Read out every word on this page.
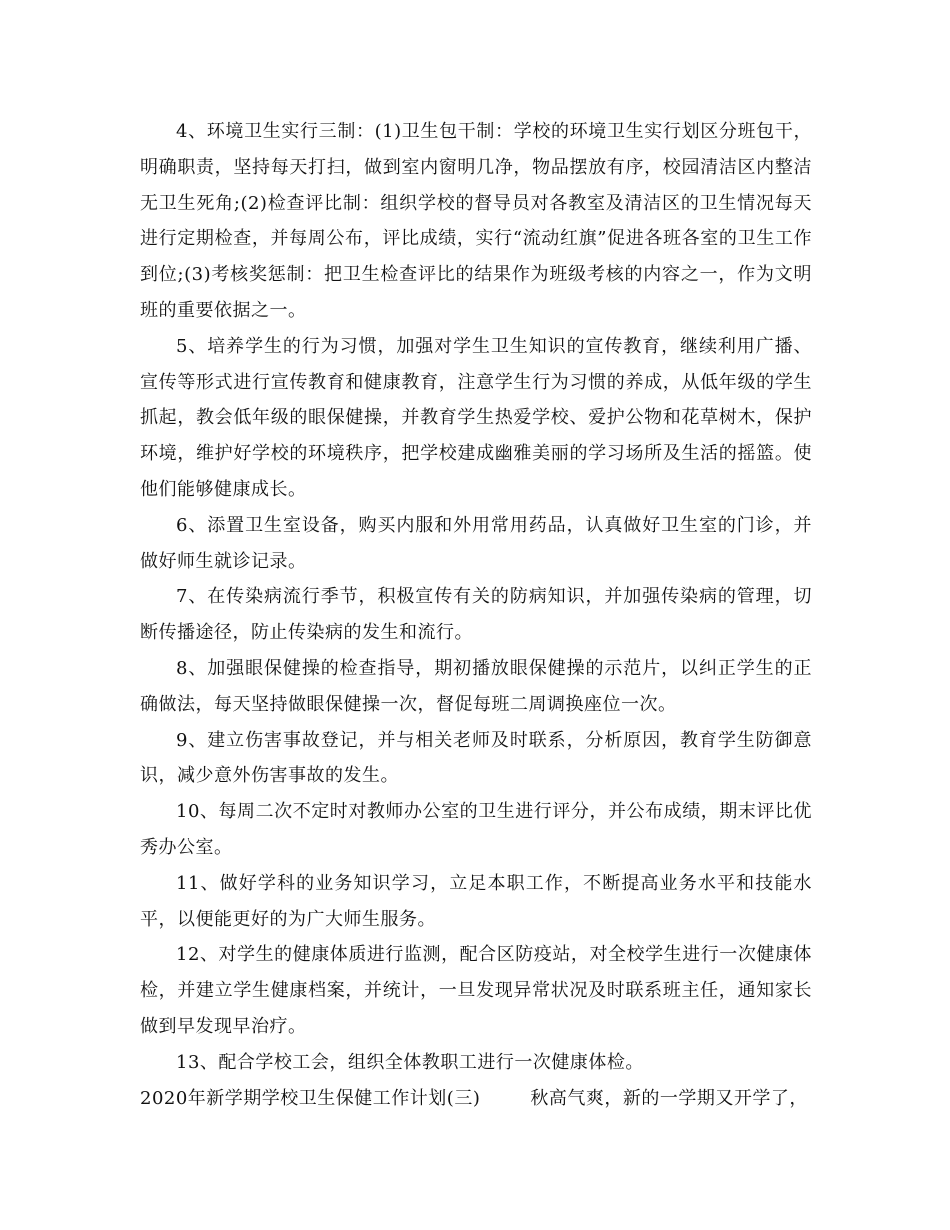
4、环境卫生实行三制：(1)卫生包干制：学校的环境卫生实行划区分班包干，明确职责，坚持每天打扫，做到室内窗明几净，物品摆放有序，校园清洁区内整洁无卫生死角;(2)检查评比制：组织学校的督导员对各教室及清洁区的卫生情况每天进行定期检查，并每周公布，评比成绩，实行“流动红旗”促进各班各室的卫生工作到位;(3)考核奖惩制：把卫生检查评比的结果作为班级考核的内容之一，作为文明班的重要依据之一。

5、培养学生的行为习惯，加强对学生卫生知识的宣传教育，继续利用广播、宣传等形式进行宣传教育和健康教育，注意学生行为习惯的养成，从低年级的学生抓起，教会低年级的眼保健操，并教育学生热爱学校、爱护公物和花草树木，保护环境，维护好学校的环境秩序，把学校建成幽雅美丽的学习场所及生活的摇篮。使他们能够健康成长。

6、添置卫生室设备，购买内服和外用常用药品，认真做好卫生室的门诊，并做好师生就诊记录。

7、在传染病流行季节，积极宣传有关的防病知识，并加强传染病的管理，切断传播途径，防止传染病的发生和流行。

8、加强眼保健操的检查指导，期初播放眼保健操的示范片，以纠正学生的正确做法，每天坚持做眼保健操一次，督促每班二周调换座位一次。

9、建立伤害事故登记，并与相关老师及时联系，分析原因，教育学生防御意识，减少意外伤害事故的发生。

10、每周二次不定时对教师办公室的卫生进行评分，并公布成绩，期末评比优秀办公室。

11、做好学科的业务知识学习，立足本职工作，不断提高业务水平和技能水平，以便能更好的为广大师生服务。

12、对学生的健康体质进行监测，配合区防疫站，对全校学生进行一次健康体检，并建立学生健康档案，并统计，一旦发现异常状况及时联系班主任，通知家长做到早发现早治疗。

13、配合学校工会，组织全体教职工进行一次健康体检。

2020年新学期学校卫生保健工作计划(三)	秋高气爽，新的一学期又开学了，
